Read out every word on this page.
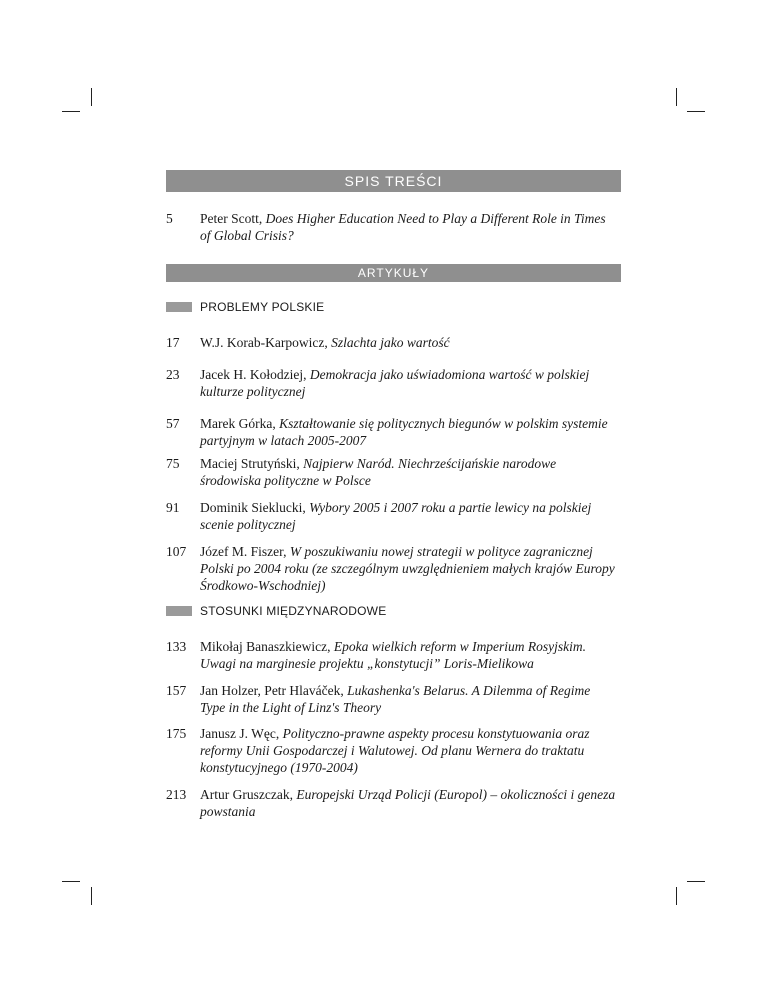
SPIS TREŚCI
5 Peter Scott, Does Higher Education Need to Play a Different Role in Times of Global Crisis?
ARTYKUŁY
PROBLEMY POLSKIE
17 W.J. Korab-Karpowicz, Szlachta jako wartość
23 Jacek H. Kołodziej, Demokracja jako uświadomiona wartość w polskiej kulturze politycznej
57 Marek Górka, Kształtowanie się politycznych biegunów w polskim systemie partyjnym w latach 2005-2007
75 Maciej Strutyński, Najpierw Naród. Niechrześcijańskie narodowe środowiska polityczne w Polsce
91 Dominik Sieklucki, Wybory 2005 i 2007 roku a partie lewicy na polskiej scenie politycznej
107 Józef M. Fiszer, W poszukiwaniu nowej strategii w polityce zagranicznej Polski po 2004 roku (ze szczególnym uwzględnieniem małych krajów Europy Środkowo-Wschodniej)
STOSUNKI MIĘDZYNARODOWE
133 Mikołaj Banaszkiewicz, Epoka wielkich reform w Imperium Rosyjskim. Uwagi na marginesie projektu „konstytucji” Loris-Mielikowa
157 Jan Holzer, Petr Hlaváček, Lukashenka's Belarus. A Dilemma of Regime Type in the Light of Linz's Theory
175 Janusz J. Węc, Polityczno-prawne aspekty procesu konstytuowania oraz reformy Unii Gospodarczej i Walutowej. Od planu Wernera do traktatu konstytucyjnego (1970-2004)
213 Artur Gruszczak, Europejski Urząd Policji (Europol) – okoliczności i geneza powstania
